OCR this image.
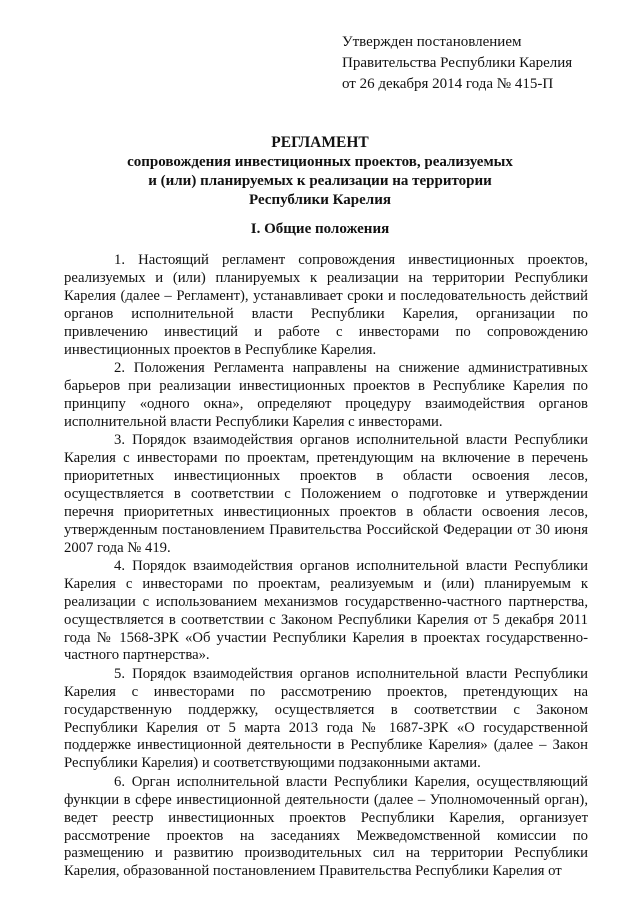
Утвержден постановлением
Правительства Республики Карелия
от 26 декабря 2014 года № 415-П
РЕГЛАМЕНТ
сопровождения инвестиционных проектов, реализуемых
и (или) планируемых к реализации на территории
Республики Карелия
I. Общие положения

1. Настоящий регламент сопровождения инвестиционных проектов, реализуемых и (или) планируемых к реализации на территории Республики Карелия (далее – Регламент), устанавливает сроки и последовательность действий органов исполнительной власти Республики Карелия, организации по привлечению инвестиций и работе с инвесторами по сопровождению инвестиционных проектов в Республике Карелия.

2. Положения Регламента направлены на снижение административных барьеров при реализации инвестиционных проектов в Республике Карелия по принципу «одного окна», определяют процедуру взаимодействия органов исполнительной власти Республики Карелия с инвесторами.

3. Порядок взаимодействия органов исполнительной власти Республики Карелия с инвесторами по проектам, претендующим на включение в перечень приоритетных инвестиционных проектов в области освоения лесов, осуществляется в соответствии с Положением о подготовке и утверждении перечня приоритетных инвестиционных проектов в области освоения лесов, утвержденным постановлением Правительства Российской Федерации от 30 июня 2007 года № 419.

4. Порядок взаимодействия органов исполнительной власти Республики Карелия с инвесторами по проектам, реализуемым и (или) планируемым к реализации с использованием механизмов государственно-частного партнерства, осуществляется в соответствии с Законом Республики Карелия от 5 декабря 2011 года № 1568-ЗРК «Об участии Республики Карелия в проектах государственно-частного партнерства».

5. Порядок взаимодействия органов исполнительной власти Республики Карелия с инвесторами по рассмотрению проектов, претендующих на государственную поддержку, осуществляется в соответствии с Законом Республики Карелия от 5 марта 2013 года № 1687-ЗРК «О государственной поддержке инвестиционной деятельности в Республике Карелия» (далее – Закон Республики Карелия) и соответствующими подзаконными актами.

6. Орган исполнительной власти Республики Карелия, осуществляющий функции в сфере инвестиционной деятельности (далее – Уполномоченный орган), ведет реестр инвестиционных проектов Республики Карелия, организует рассмотрение проектов на заседаниях Межведомственной комиссии по размещению и развитию производительных сил на территории Республики Карелия, образованной постановлением Правительства Республики Карелия от
